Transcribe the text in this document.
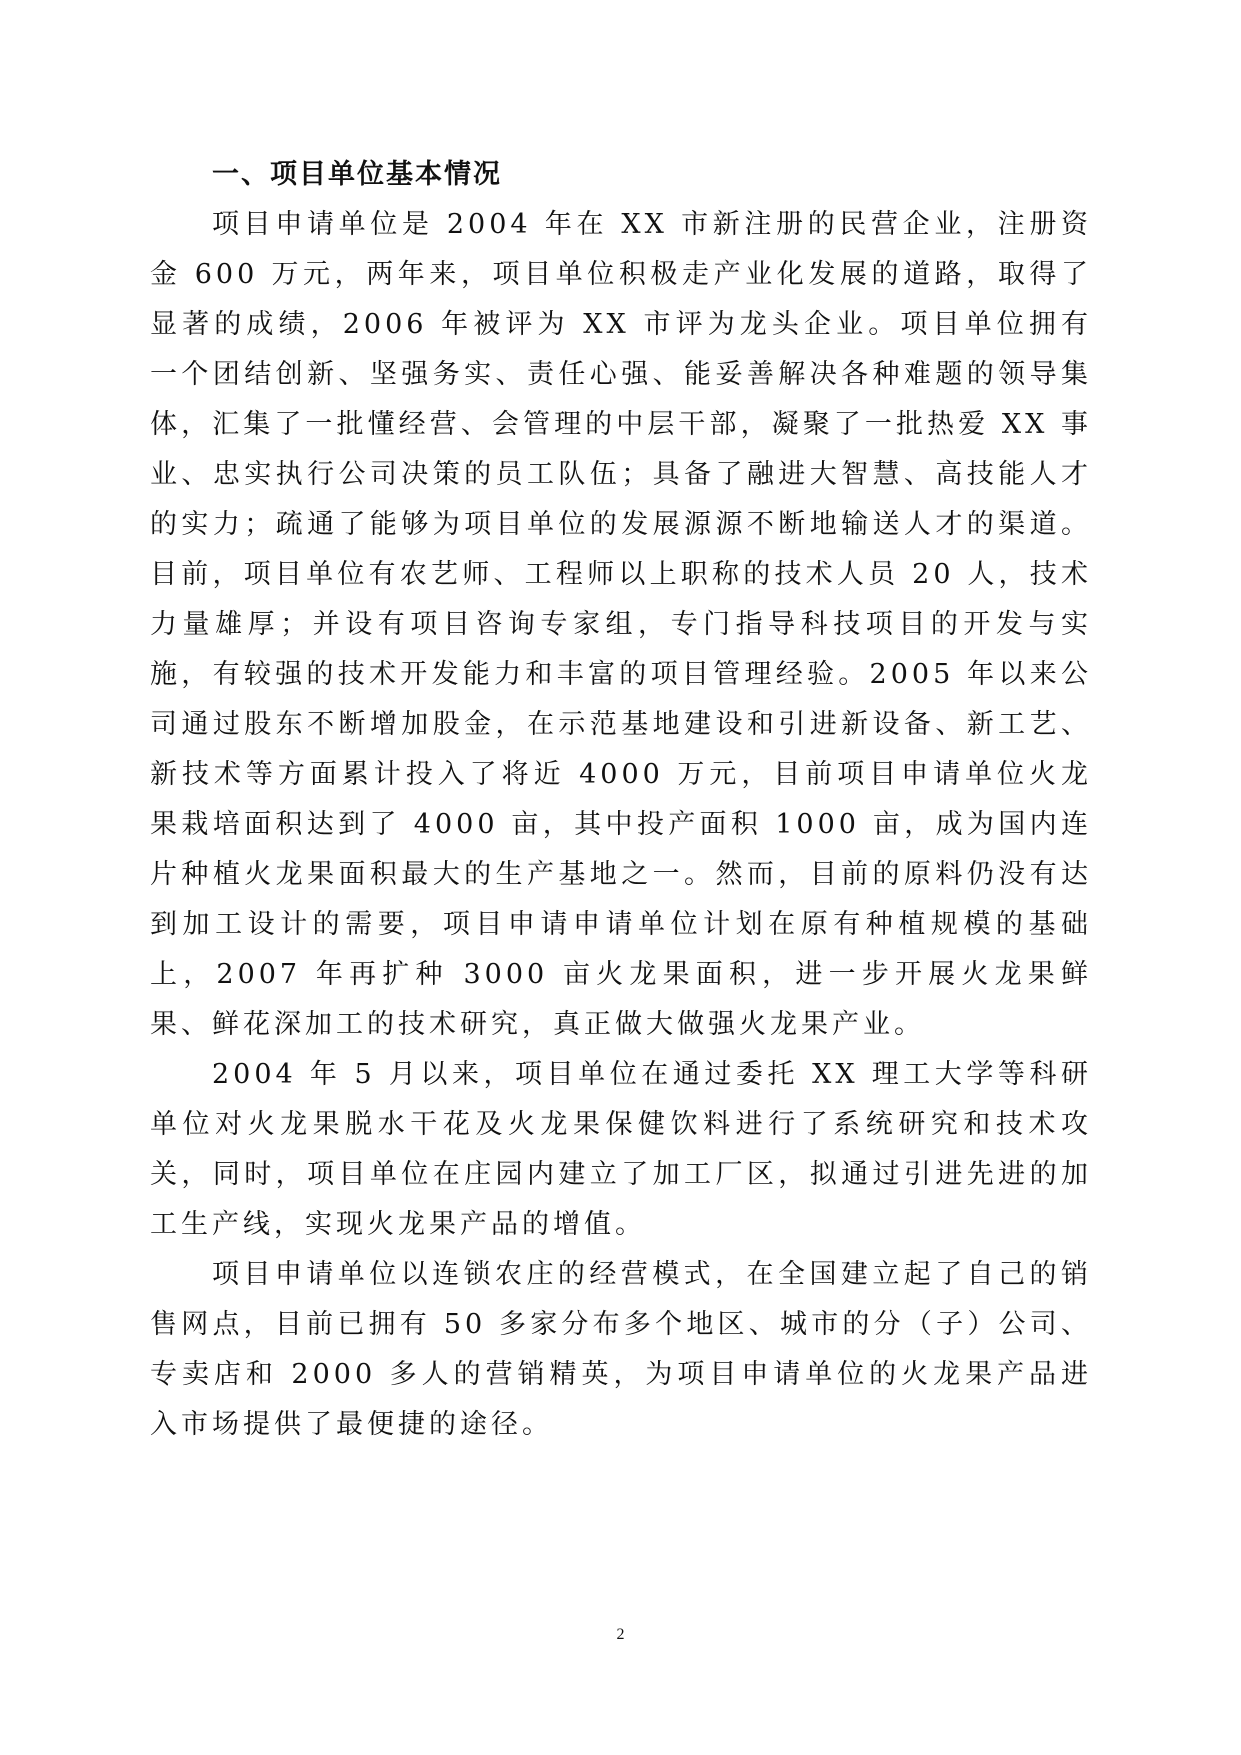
一、项目单位基本情况

项目申请单位是 2004 年在 XX 市新注册的民营企业，注册资金 600 万元，两年来，项目单位积极走产业化发展的道路，取得了显著的成绩，2006 年被评为 XX 市评为龙头企业。项目单位拥有一个团结创新、坚强务实、责任心强、能妥善解决各种难题的领导集体，汇集了一批懂经营、会管理的中层干部，凝聚了一批热爱 XX 事业、忠实执行公司决策的员工队伍；具备了融进大智慧、高技能人才的实力；疏通了能够为项目单位的发展源源不断地输送人才的渠道。目前，项目单位有农艺师、工程师以上职称的技术人员 20 人，技术力量雄厚；并设有项目咨询专家组，专门指导科技项目的开发与实施，有较强的技术开发能力和丰富的项目管理经验。2005 年以来公司通过股东不断增加股金，在示范基地建设和引进新设备、新工艺、新技术等方面累计投入了将近 4000 万元，目前项目申请单位火龙果栽培面积达到了 4000 亩，其中投产面积 1000 亩，成为国内连片种植火龙果面积最大的生产基地之一。然而，目前的原料仍没有达到加工设计的需要，项目申请申请单位计划在原有种植规模的基础上，2007 年再扩种 3000 亩火龙果面积，进一步开展火龙果鲜果、鲜花深加工的技术研究，真正做大做强火龙果产业。

2004 年 5 月以来，项目单位在通过委托 XX 理工大学等科研单位对火龙果脱水干花及火龙果保健饮料进行了系统研究和技术攻关，同时，项目单位在庄园内建立了加工厂区，拟通过引进先进的加工生产线，实现火龙果产品的增值。

项目申请单位以连锁农庄的经营模式，在全国建立起了自己的销售网点，目前已拥有 50 多家分布多个地区、城市的分（子）公司、专卖店和 2000 多人的营销精英，为项目申请单位的火龙果产品进入市场提供了最便捷的途径。

2
